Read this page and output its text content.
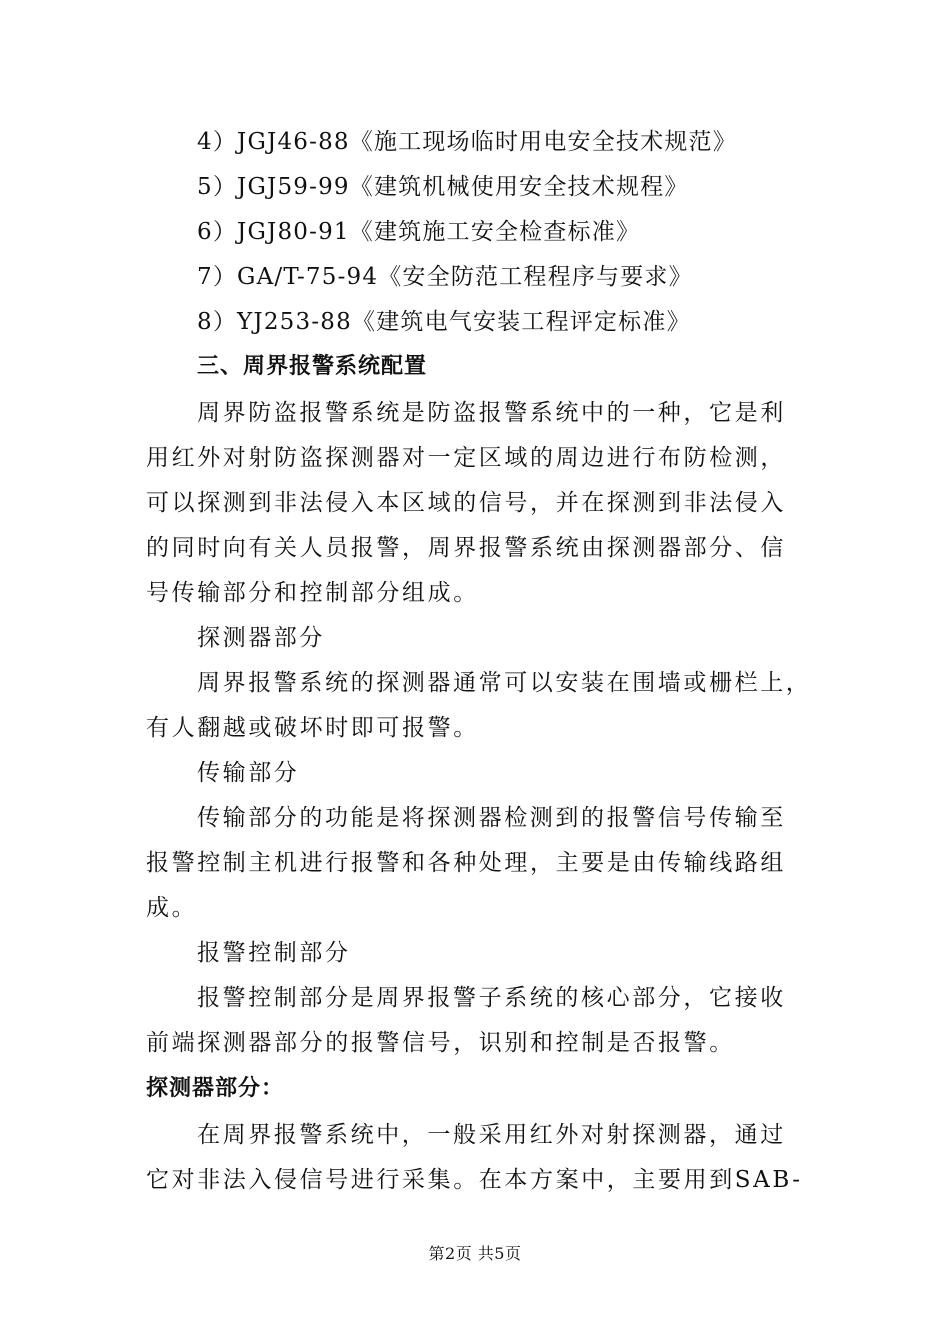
4）JGJ46-88《施工现场临时用电安全技术规范》
5）JGJ59-99《建筑机械使用安全技术规程》
6）JGJ80-91《建筑施工安全检查标准》
7）GA/T-75-94《安全防范工程程序与要求》
8）YJ253-88《建筑电气安装工程评定标准》
三、周界报警系统配置
周界防盗报警系统是防盗报警系统中的一种，它是利
用红外对射防盗探测器对一定区域的周边进行布防检测，
可以探测到非法侵入本区域的信号，并在探测到非法侵入
的同时向有关人员报警，周界报警系统由探测器部分、信
号传输部分和控制部分组成。
探测器部分
周界报警系统的探测器通常可以安装在围墙或栅栏上，
有人翻越或破坏时即可报警。
传输部分
传输部分的功能是将探测器检测到的报警信号传输至
报警控制主机进行报警和各种处理，主要是由传输线路组
成。
报警控制部分
报警控制部分是周界报警子系统的核心部分，它接收
前端探测器部分的报警信号，识别和控制是否报警。
探测器部分：
在周界报警系统中，一般采用红外对射探测器，通过
它对非法入侵信号进行采集。在本方案中，主要用到SAB-
第2页 共5页
